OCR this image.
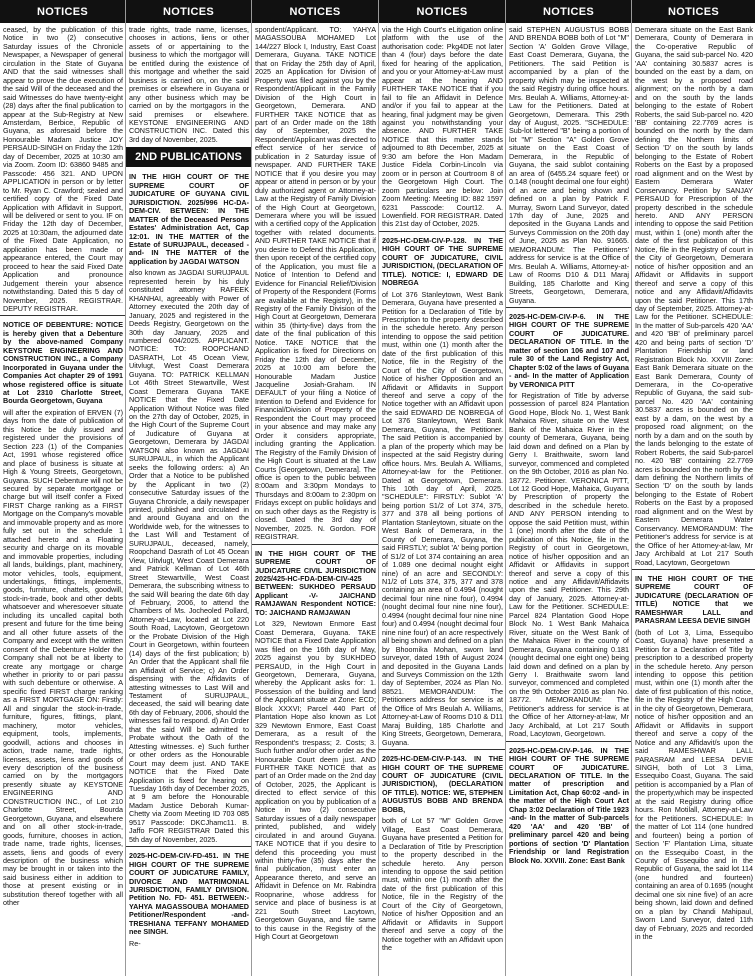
NOTICES
ceased, by the publication of this Notice in two (2) consecutive Saturday issues of the Chronicle Newspaper, a Newspaper of general circulation in the State of Guyana AND that the said witnesses shall appear to prove the due execution of the said Will of the deceased and the said Witnesses do have twenty-eight (28) days after the final publication to appear at the Sub-Registry at New Amsterdam, Berbice, Republic of Guyana, as aforesaid before the Honourable Madam Justice JOY PERSAUD-SINGH on Friday the 12th day of December, 2025 at 10:30 am via Zoom. Zoom ID: 63860 9485 and Passcode: 456 321. AND UPON APPLICATION in person or by letter to Mr. Ryan C. Crawford; sealed and certified copy of the Fixed Date Application with Affidavit in Support, will be delivered or sent to you. IF on Friday the 12th day of December, 2025 at 10:30am, the adjourned date of the Fixed Date Application, no application has been made or appearance entered, the Court may proceed to hear the said Fixed Date Application and pronounce Judgement therein your absence notwithstanding. Dated this 5 day of November, 2025. REGISTRAR. DEPUTY REGISTRAR.
NOTICE OF DEBENTURE: NOTICE is hereby given that a Debenture by the above-named Company KEYSTONE ENGINEERING AND CONSTRUCTION INC., a Company Incorporated in Guyana under the Companies Act chapter 29 of 1991 whose registered office is situate at Lot 2310 Charlotte Street, Bourda Georgetown, Guyana
will after the expiration of ERVEN (7) days from the date of publication of this Notice be duly issued and registered under the provisions of Section 223 (1) of the Companies Act, 1991 whose registered office and place of business is situate at High & Young Streets, Georgetown, Guyana. SUCH Debenture will not be secured by separate mortgage or charge but will itself confer a Fixed FIRST Charge ranking as a FIRST Mortgage on the Company's movable and immovable property and as more fully set out in the schedule 1 attached hereto and a Floating security and charge on its movable and immovable properties, including all lands, buildings, plant, machinery, motor vehicles, tools, equipment, undertakings, fittings, implements, goods, furniture, chattels, goodwill, stock-in-trade, book and other debts whatsoever and wheresoever situate including its uncalled capital both present and future for the time being and all other future assets of the Company and except with the written consent of the Debenture Holder the Company shall not be at liberty to create any mortgage or charge whether in priority to or pari passu with such debenture or otherwise. A specific fixed FIRST charge ranking as a FIRST MORTGAGE ON: Firstly: All and singular the stock-in-trade, furniture, figures, fittings, plant, machinery, motor vehicles, equipment, tools, implements, goodwill, actions and chooses in action, trade name, trade rights, licenses, assets, lens and goods of every description of the business carried on by the mortgagors presently situate ay KEYSTONE ENGINEERING AND CONSTRUCTION INC., of Lot 210 Charlotte Street, Bourda Georgetown, Guyana, and elsewhere and on all other stock-in-trade, goods, furniture, chooses in action, trade name, trade rights, licenses, assets, liens and goods of every description of the business which may be brought in or taken into the said business either in addition to those at present existing or in substitution thereof together with all other
NOTICES
trade rights, trade name, licenses, chooses in actions, liens or other assets of or appertaining to the business to which the mortgagor will be entitled during the existence of this mortgage and whether the said business is carried on, on the said premises or elsewhere in Guyana or any other business which may be carried on by the mortgagors in the said premises or elsewhere. KEYSTONE ENGINEERING AND CONSTRUCTION INC. Dated this 3rd day of November, 2025.
2ND PUBLICATIONS
IN THE HIGH COURT OF THE SUPREME COURT OF JUDICATURE OF GUYANA CIVIL JURISDICTION. 2025/996 HC-DA-DEM-CIV. BETWEEN: IN THE MATTER of the Deceased Persons Estates' Administration Act, Cap 12:01. IN THE MATTER of the Estate of SURUJPAUL, deceased - and- IN THE MATTER of the application by JAGDAI WATSON
also known as JAGDAI SURUJPAUL represented herein by his duly constituted attorney RAFEEK KHANHAI, agreeably with Power of Attorney executed the 20th day of January, 2025 and registered in the Deeds Registry, Georgetown on the 30th day January, 2025 and numbered 604/2025. APPLICANT. NOTICE: TO: ROOPCHAND DASRATH, Lot 45 Ocean View, Uitvlugt, West Coast Demerara Guyana. TO: PATRICK KELLMAN Lot 46th Street Stewartville, West Coast Demerara Guyana TAKE NOTICE that the Fixed Date Application Without Notice was filed on the 27th day of October, 2025, in the High Court of the Supreme Court of Judicature of Guyana at Georgetown, Demerara by JAGDAI WATSON also known as JAGDAI SURUJPAUL, in which the Applicant seeks the following orders: a) An Order that a Notice to be published by the Applicant in two (2) consecutive Saturday issues of the Guyana Chronicle, a daily newspaper printed, published and circulated in and around Guyana and on the Worldwide web, for the witnesses to the Last Will and Testament of SURUJPAUL, deceased, namely, Roopchand Dasrath of Lot 45 Ocean View, Uitvlugt, West Coast Demerara and Patrick Kellman of Lot 46th Street Stewartville, West Coast Demerara, the subscribing witness to the said Will bearing the date 6th day of February, 2006, to attend the Chambers of Ms. Jocheoled Pollard, Attorney-at-Law, located at Lot 220 South Road, Lacytown, Georgetown or the Probate Division of the High Court in Georgetown, within fourteen (14) days of the first publication; b) An Order that the Applicant shall file an Affidavit of Service; c) An Order dispensing with the Affidavits of attesting witnesses to Last Will and Testament of SURUJPAUL, deceased, the said will bearing date 6th day of February, 2006, should the witnesses fail to respond. d) An Order that the said Will be admitted to Probate without the Oath of the Attesting witnesses. e) Such further or other orders as the Honourable Court may deem just. AND TAKE NOTICE that the Fixed Date Application is fixed for hearing on Tuesday 16th day of December 2025, at 9 am before the Honourable Madam Justice Deborah Kumar-Chetty via Zoom Meeting ID 703 085 9517 Passcode: DKCJhamc11. B. Jaffo FOR REGISTRAR Dated this 5th day of November, 2025.
2025-HC-DEM-CIV-FD-451. IN THE HIGH COURT OF THE SUPREME COURT OF JUDICATURE FAMILY, DIVORCE AND MATRIMONIAL JURISDICTION, FAMILY DIVISION. Petition No. FD- 451. BETWEEN:- YAHYA MAGASSOUBA MOHAMED Petitioner/Respondent -and- TRESHIANA TEFFANY MOHAMED nee SINGH.
Re-
NOTICES
spondent/Applicant. TO: YAHYA MAGASSOUBA MOHAMED Lot 144/227 Block I, Industry, East Coast Demerara, Guyana. TAKE NOTICE that on Friday the 25th day of April, 2025 an Application for Division of Property was filed against you by the Respondent/Applicant in the Family Division of the High Court in Georgetown, Demerara. AND FURTHER TAKE NOTICE that as part of an Order made on the 18th day of September, 2025 the Respondent/Applicant was directed to effect service of her service of publication in 2 Saturday issue of newspaper. AND FURTHER TAKE NOTICE that if you desire you may appear or attend in person or by your duly authorized agent or Attorney-at-Law at the Registry of Family Division of the High Court at Georgetown, Demerara where you will be issued with a certified copy of the Application together with related documents. AND FURTHER TAKE NOTICE that if you desire to Defend this Application, then upon receipt of the certified copy of the Application, you must file a Notice of Intention to Defend and Evidence for Financial Relief/Division of Property of the Respondent (Forms are available at the Registry), in the Registry of the Family Division of the High Court at Georgetown, Demerara within 35 (thirty-five) days from the date of the final publication of this Notice. TAKE NOTICE that the Application is fixed for Directions on Friday the 12th day of December, 2025 at 10:00 am before the Honourable Madam Justice Jacqueline Josiah-Graham. IN DEFAULT of your filing a Notice of Intention to Defend and Evidence for Financial/Division of Property of the Respondent the Court may proceed in your absence and may make any Order it considers appropriate, including granting the Application. The Registry of the Family Division of the High Court is situated at the Law Courts [Georgetown, Demerara]. The office is open to the public between 8:00am and 3:30pm Mondays to Thursdays and 8:00am to 2:30pm on Fridays except on public holidays and on such other days as the Registry is closed. Dated the 3rd day of November, 2025. N. Gordon. FOR REGISTRAR.
IN THE HIGH COURT OF THE SUPREME COURT OF JUDICATURE CIVIL JURISDICTION 2025/425-HC-FDA-DEM-CIV-425 BETWEEN: SUKHDEO PERSAUD Applicant -V- JAICHAND RAMJAWAN Respondent NOTICE: TO: JAICHAND RAMJAWAN
Lot 329, Newtown Enmore East Coast Demerara, Guyana. TAKE NOTICE that a Fixed Date Application was filed on the 16th day of May, 2025 against you by SUKHDEO PERSAUD, in the High Court in Georgetown, Demerara, Guyana, whereby the Applicant asks for: 1. Possession of the building and land of the Applicant situate at Zone: ECD; Block XXXVI; Parcel 440 Part of Plantation Hope also known as Lot 329 Newtown Enmore, East Coast Demerara, as a result of the Respondent's trespass; 2. Costs; 3. Such further and/or other order as the Honourable Court deem just. AND FURTHER TAKE NOTICE that as part of an Order made on the 2nd day of October, 2025, the Applicant is directed to effect service of this application on you by publication of a Notice in two (2) consecutive Saturday issues of a daily newspaper printed, published, and widely circulated in and around Guyana. TAKE NOTICE that if you desire to defend this proceeding you must within thirty-five (35) days after the final publication, must enter an Appearance thereto, and serve an Affidavit in Defence on Mr. Rabindra Roopnarine, whose address for service and place of business is at 221 South Street Lacytown, Georgetown Guyana, and file same to this cause in the Registry of the High Court at Georgetown
NOTICES
via the High Court's eLitigation online platform with the use of the authorisation code: Pkg4DE not later than 4 (four) days before the date fixed for hearing of the application, and you or your Attorney-at-Law must appear at the hearing AND FURTHER TAKE NOTICE that if you fail to file an Affidavit in Defence and/or if you fail to appear at the hearing, final judgment may be given against you notwithstanding your absence. AND FURTHER TAKE NOTICE that this matter stands adjourned to 8th December, 2025 at 9:30 am before the Hon Madam Justice Fidela Corbin-Lincoln via zoom or in person at Courtroom 8 of the Georgetown High Court. The zoom particulars are below: Join Zoom Meeting: Meeting ID: 882 1597 6231 Passcode: Court12. A. Lowenfield. FOR REGISTRAR. Dated this 21st day of October, 2025.
2025-HC-DEM-CIV-P-128. IN THE HIGH COURT OF THE SUPREME COURT OF JUDICATURE, CIVIL JURISDICTION, (DECLARATION OF TITLE). NOTICE: I, EDWARD DE NOBREGA
of Lot 376 Stanleytown, West Bank Demerara, Guyana have presented a Petition for a Declaration of Title by Prescription to the property described in the schedule hereto. Any person intending to oppose the said petition must, within one (1) month after the date of the first publication of this Notice, file in the Registry of the Court of the City of Georgetown, Notice of his/her Opposition and an Affidavit or Affidavits in Support thereof and serve a copy of the Notice together with an Affidavit upon the said EDWARD DE NOBREGA of Lot 376 Stanleytown, West Bank Demerara, Guyana, the Petitioner. The said Petition is accompanied by a plan of the property which may be inspected at the said Registry during office hours. Mrs. Beulah A. Williams, Attorney-at-law for the Petitioner. Dated at Georgetown, Demerara. This 10th day of April, 2025. "SCHEDULE": FIRSTLY: Sublot 'A' being portion S1/2 of Lot 374, 375, 377 and 378 all being portions of Plantation Stanleytown, situate on the West Bank of Demerara, in the County of Demerara, Guyana, the said FIRSTLY; sublot 'A' being portion of S1/2 of Lot 374 containing an area of 1.089 one decimal nought eight nine) of an acre and SECONDLY: N1/2 of Lots 374, 375, 377 and 378 containing an area of 0.4994 (nought decimal four nine nine four), 0.4994 (nought decimal four nine nine four), 0.4994 (nought decimal four nine nine four) and 0.4994 (nought decimal four nine nine four) of an acre respectively all being shown and defined on a plan by Bhoomika Mohan, sworn land surveyor, dated 19th of August 2024 and deposited in the Guyana Lands and Surveys Commission on the 12th day of September, 2024 as Plan No. 88521. MEMORANDUM: The Petitioners address for service is at the Office of Mrs Beulah A. Williams, Attorney-at-Law of Rooms D10 & D11 Maraj Building, 185 Charlotte and King Streets, Georgetown, Demerara, Guyana.
2025-HC-DEM-CIV-P-143. IN THE HIGH COURT OF THE SUPREME COURT OF JUDICATURE (CIVIL JURISDICTION), (DECLARATION OF TITLE). NOTICE: WE, STEPHEN AUGUSTUS BOBB AND BRENDA BOBB,
both of Lot 57 "M" Golden Grove Village, East Coast Demerara, Guyana have presented a Petition for a Declaration of Title by Prescription to the property described in the schedule hereto. Any person intending to oppose the said petition must, within one (1) month after the date of the first publication of this Notice, file in the Registry of the Court of the City of Georgetown, Notice of his/her Opposition and an Affidavit or Affidavits in Support thereof and serve a copy of the Notice together with an Affidavit upon the
NOTICES
said STEPHEN AUGUSTUS BOBB AND BRENDA BOBB both of Lot "M" Section 'A' Golden Grove Village, East Coast Demerara, Guyana, the Petitioners. The said Petition is accompanied by a plan of the property which may be inspected at the said Registry during office hours. Mrs. Beulah A. Williams, Attorney-at-Law for the Petitioners. Dated at Georgetown, Demerara. This 29th day of August, 2025. "SCHEDULE: Sub-lot lettered "B" being a portion of lot "M" Section "A" Golden Grove situate on the East Coast of Demerara, in the Republic of Guyana, the said sublot containing an area of (6455.24 square feet) or 0.148 (nought decimal one four eight) of an acre and being shown and defined on a plan by Patrick F. Murray, Sworn Land Surveyor, dated 17th day of June, 2025 and deposited in the Guyana Lands and Surveys Commission on the 20th day of June, 2025 as Plan No. 91665. MEMORANDUM: The Petitioners' address for service is at the Office of Mrs. Beulah A. Williams, Attorney-at-Law of Rooms D10 & D11 Maraj Building, 185 Charlotte and King Streets, Georgetown, Demerara, Guyana.
2025-HC-DEM-CIV-P-6. IN THE HIGH COURT OF THE SUPREME COURT OF JUDICATURE. DECLARATION OF TITLE. In the matter of section 106 and 107 and rule 30 of the Land Registry Act, Chapter 5:02 of the laws of Guyana - and- In the matter of Application by VERONICA PITT
for Registration of Title by adverse possession of parcel 824 Plantation Good Hope, Block No. 1, West Bank Mahaica River, situate on the West Bank of the Mahaica River in the county of Demerara, Guyana, being laid down and defined on a Plan by Gerry I. Braithwaite, sworn land surveyor, commenced and completed on the 9th October, 2016 as plan No. 18772. Petitioner. VERONICA PITT, Lot 12 Good Hope, Mahaica, Guyana by Prescription of property the described in the schedule hereto. AND ANY PERSON intending to oppose the said Petition must, within 1 (one) month after the date of the publication of this Notice, file in the Registry of court in Georgetown, notice of his/her opposition and an Affidavit or Affidavits in support thereof and serve a copy of this notice and any Affidavit/Affidavits upon the said Petitioner. This 29th day of January, 2025. Attorney-at-Law for the Petitioner. SCHEDULE: Parcel 824 Plantation Good Hope Block No. 1 West Bank Mahaica River, situate on the West Bank of the Mahaica River in the county of Demerara, Guyana containing 0.181 (nought decimal one eight one) being laid down and defined on a plan by Gerry I. Braithwaite sworn land surveyor, commenced and completed on the 9th October 2016 as plan No. 18772. MEMORANDUM: The Petitioner's address for service is at the Office of her Attorney-at-law, Mr Jacy Archibald, at Lot 217 South Road, Lacytown, Georgetown.
2025-HC-DEM-CIV-P-146. IN THE HIGH COURT OF THE SUPREME COURT OF JUDICATURE. DECLARATION OF TITLE. In the matter of prescription and Limitation Act, Chap 60:02 -and- in the matter of the High Court Act Chap 3:02 Declaration of Title 1923 -and- In the matter of Sub-parcels 420 'AA' and 420 'BB' of preliminary parcel 420 and being portions of section 'D' Plantation Friendship or land Registration Block No. XXVIII. Zone: East Bank
NOTICES
Demerara situate on the East Bank Demerara, County of Demerara in the Co-operative Republic of Guyana, the said sub-parcel No. 420 'AA' containing 30.5837 acres is bounded on the east by a dam, on the west by a proposed road alignment; on the north by a dam and on the south by the lands belonging to the estate of Robert Roberts, the said Sub-parcel no. 420 'BB' containing 22.7769 acres is bounded on the north by the dam defining the Northern limits of Section 'D' on the south by lands belonging to the Estate of Robert Roberts on the East by a proposed road alignment and on the West by Eastern Demerara Water Conservancy. Petition by SANJAY PERSAUD for Prescription of the property described in the schedule hereto. AND ANY PERSON intending to oppose the said Petition must, within 1 (one) month after the date of the first publication of this Notice, file in the Registry of court in the City of Georgetown, Demerara notice of his/her opposition and an Affidavit or Affidavits in support thereof and serve a copy of this notice and any Affidavit/Affidavits upon the said Petitioner. This 17th day of September, 2025. Attorney-at-Law for the Petitioner. SCHEDULE: In the matter of Sub-parcels 420 'AA' and 420 'BB' of preliminary parcel 420 and being parts of section 'D' Plantation Friendship or land Registration Block No. XXVIII Zone: East Bank Demerara situate on the East Bank Demerara, County of Demerara, in the Co-operative Republic of Guyana, the said sub-parcel No. 420 'AA' containing 30.5837 acres is bounded on the east by a dam, on the west by a proposed road alignment; on the north by a dam and on the south by the lands belonging to the estate of Robert Roberts, the said Sub-parcel no. 420 'BB' containing 22.7769 acres is bounded on the north by the dam defining the Northern limits of Section 'D' on the south by lands belonging to the Estate of Robert Roberts on the East by a proposed road alignment and on the West by Eastern Demerara Water Conservancy. MEMORANDUM: The Petitioner's address for service is at the Office of her Attorney-at-law, Mr Jacy Archibald at Lot 217 South Road, Lacytown, Georgetown
IN THE HIGH COURT OF THE SUPREME COURT OF JUDICATURE (DECLARATION OF TITLE) NOTICE that we RAMESHWAR LALL and PARASRAM LEESA DEVIE SINGH
(both of Lot 3, Lima, Essequibo Coast, Guyana) have presented a Petition for a Declaration of Title by prescription to a described property in the schedule hereto. Any person intending to oppose this petition must, within one (1) month after the date of first publication of this notice, file in the Registry of the High Court in the city of Georgetown, Demerara, notice of his/her opposition and an Affidavit or Affidavits in support thereof and serve a copy of the Notice and any Affidavit/s upon the said RAMESHWAR LALL PARASRAM and LEESA DEVIE SINGH, both of Lot 3 Lima, Essequibo Coast, Guyana. The said petition is accompanied by a Plan of the property,which may be inspected at the said Registry during office hours. Ron Motilall, Attorney-at-Law for the Petitioners. SCHEDULE: In the matter of Lot 114 (one hundred and fourteen) being a portion of Section 'F' Plantation Lima, situate on the Essequibo Coast, in the County of Essequibo and in the Republic of Guyana, the said lot 114 (one hundred and fourteen) containing an area of 0.1695 (nought decimal one six nine five) of an acre being shown, laid down and defined on a plan by Chandi Mahipaul, Sworn Land Surveyor, dated 11th day of February, 2025 and recorded in the
